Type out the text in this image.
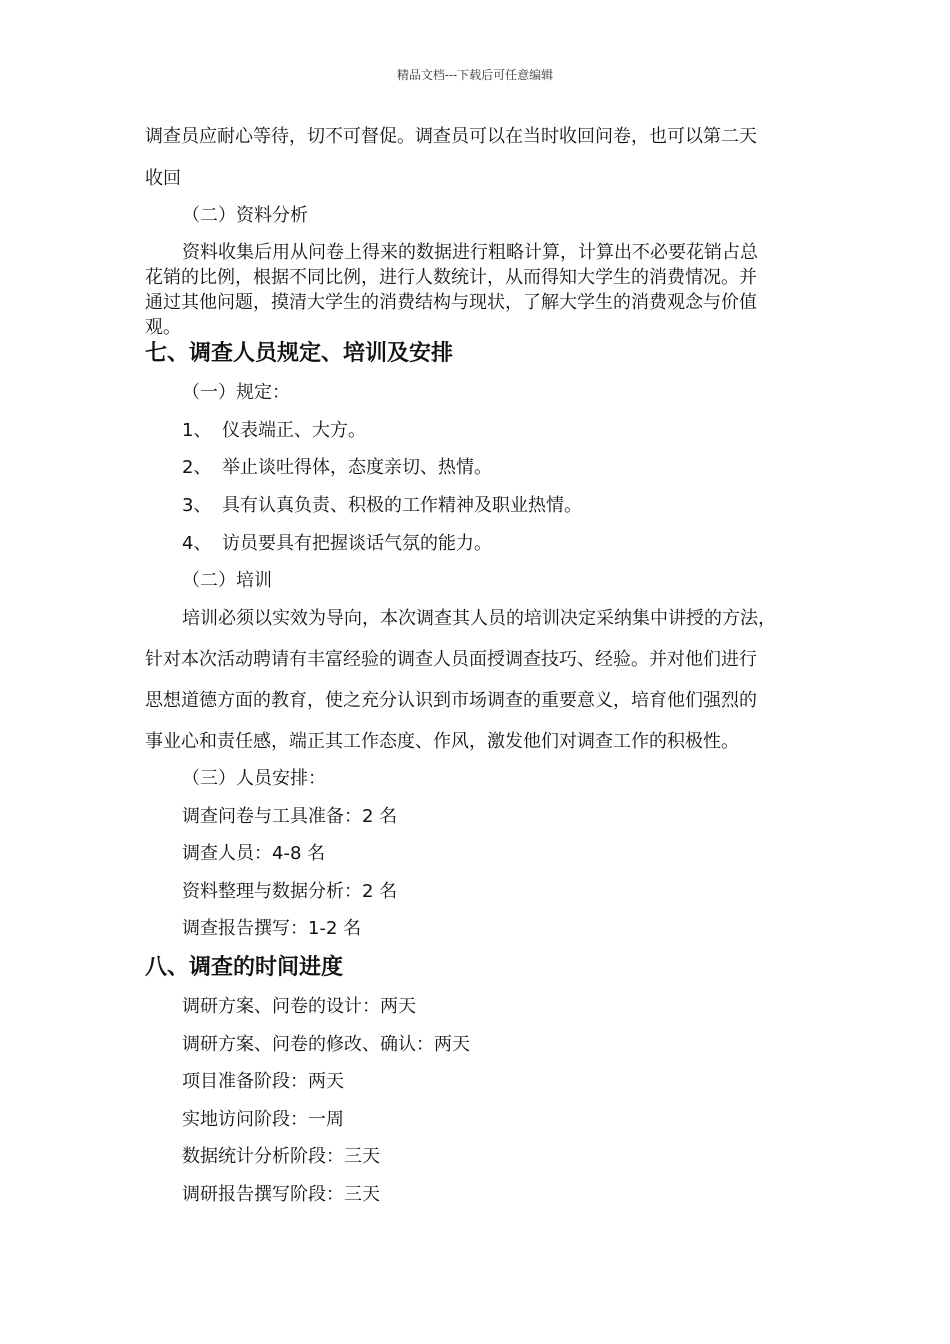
精品文档---下载后可任意编辑
调查员应耐心等待，切不可督促。调查员可以在当时收回问卷，也可以第二天
收回
（二）资料分析
资料收集后用从问卷上得来的数据进行粗略计算，计算出不必要花销占总
花销的比例，根据不同比例，进行人数统计，从而得知大学生的消费情况。并
通过其他问题，摸清大学生的消费结构与现状，了解大学生的消费观念与价值
观。
七、调查人员规定、培训及安排
（一）规定：
1、 仪表端正、大方。
2、 举止谈吐得体，态度亲切、热情。
3、 具有认真负责、积极的工作精神及职业热情。
4、 访员要具有把握谈话气氛的能力。
（二）培训
培训必须以实效为导向，本次调查其人员的培训决定采纳集中讲授的方法，
针对本次活动聘请有丰富经验的调查人员面授调查技巧、经验。并对他们进行
思想道德方面的教育，使之充分认识到市场调查的重要意义，培育他们强烈的
事业心和责任感，端正其工作态度、作风，激发他们对调查工作的积极性。
（三）人员安排：
调查问卷与工具准备：2 名
调查人员：4-8 名
资料整理与数据分析：2 名
调查报告撰写：1-2 名
八、调查的时间进度
调研方案、问卷的设计：两天
调研方案、问卷的修改、确认：两天
项目准备阶段：两天
实地访问阶段：一周
数据统计分析阶段：三天
调研报告撰写阶段：三天
